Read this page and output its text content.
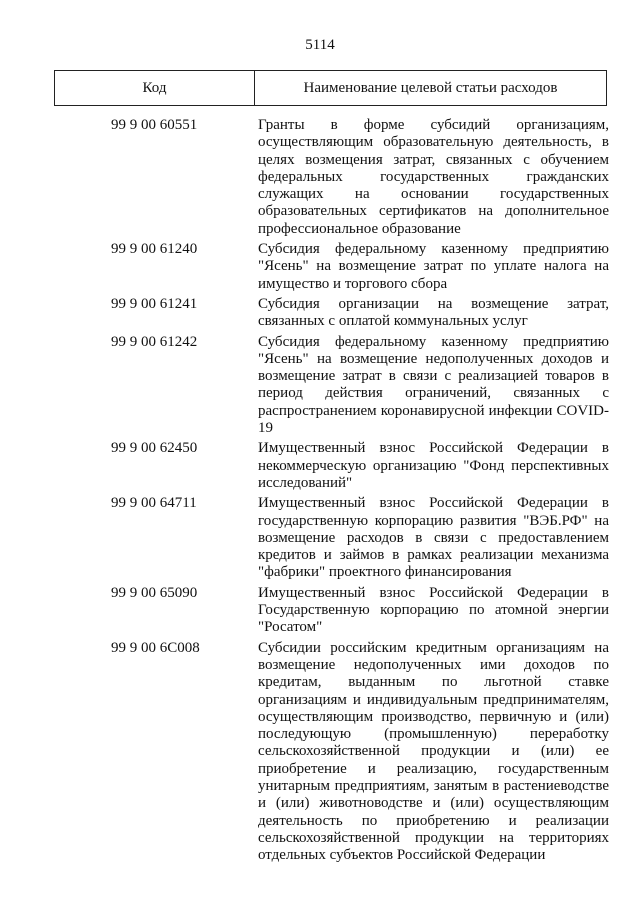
5114
Код	Наименование целевой статьи расходов
99 9 00 60551	Гранты в форме субсидий организациям, осуществляющим образовательную деятельность, в целях возмещения затрат, связанных с обучением федеральных государственных гражданских служащих на основании государственных образовательных сертификатов на дополнительное профессиональное образование
99 9 00 61240	Субсидия федеральному казенному предприятию "Ясень" на возмещение затрат по уплате налога на имущество и торгового сбора
99 9 00 61241	Субсидия организации на возмещение затрат, связанных с оплатой коммунальных услуг
99 9 00 61242	Субсидия федеральному казенному предприятию "Ясень" на возмещение недополученных доходов и возмещение затрат в связи с реализацией товаров в период действия ограничений, связанных с распространением коронавирусной инфекции COVID-19
99 9 00 62450	Имущественный взнос Российской Федерации в некоммерческую организацию "Фонд перспективных исследований"
99 9 00 64711	Имущественный взнос Российской Федерации в государственную корпорацию развития "ВЭБ.РФ" на возмещение расходов в связи с предоставлением кредитов и займов в рамках реализации механизма "фабрики" проектного финансирования
99 9 00 65090	Имущественный взнос Российской Федерации в Государственную корпорацию по атомной энергии "Росатом"
99 9 00 6С008	Субсидии российским кредитным организациям на возмещение недополученных ими доходов по кредитам, выданным по льготной ставке организациям и индивидуальным предпринимателям, осуществляющим производство, первичную и (или) последующую (промышленную) переработку сельскохозяйственной продукции и (или) ее приобретение и реализацию, государственным унитарным предприятиям, занятым в растениеводстве и (или) животноводстве и (или) осуществляющим деятельность по приобретению и реализации сельскохозяйственной продукции на территориях отдельных субъектов Российской Федерации
